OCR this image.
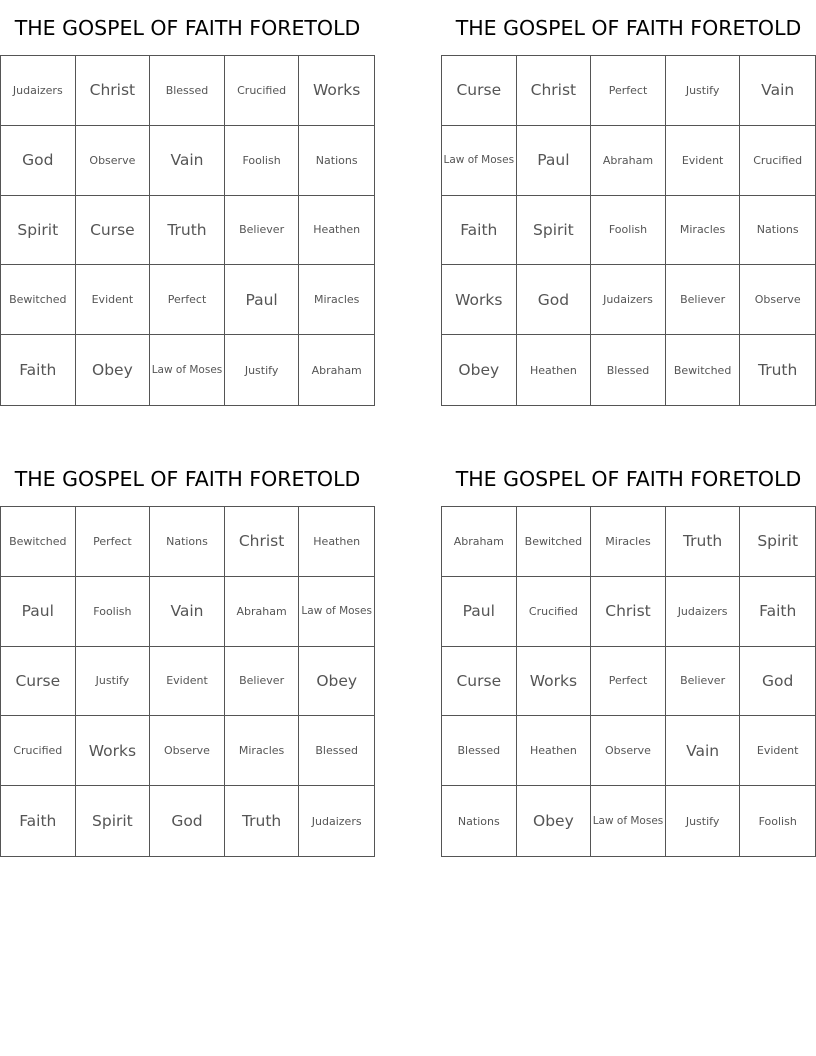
THE GOSPEL OF FAITH FORETOLD
Judaizers	Christ	Blessed	Crucified	Works
God	Observe	Vain	Foolish	Nations
Spirit	Curse	Truth	Believer	Heathen
Bewitched	Evident	Perfect	Paul	Miracles
Faith	Obey	Law of Moses	Justify	Abraham
THE GOSPEL OF FAITH FORETOLD
Curse	Christ	Perfect	Justify	Vain
Law of Moses	Paul	Abraham	Evident	Crucified
Faith	Spirit	Foolish	Miracles	Nations
Works	God	Judaizers	Believer	Observe
Obey	Heathen	Blessed	Bewitched	Truth
THE GOSPEL OF FAITH FORETOLD
Bewitched	Perfect	Nations	Christ	Heathen
Paul	Foolish	Vain	Abraham	Law of Moses
Curse	Justify	Evident	Believer	Obey
Crucified	Works	Observe	Miracles	Blessed
Faith	Spirit	God	Truth	Judaizers
THE GOSPEL OF FAITH FORETOLD
Abraham	Bewitched	Miracles	Truth	Spirit
Paul	Crucified	Christ	Judaizers	Faith
Curse	Works	Perfect	Believer	God
Blessed	Heathen	Observe	Vain	Evident
Nations	Obey	Law of Moses	Justify	Foolish
